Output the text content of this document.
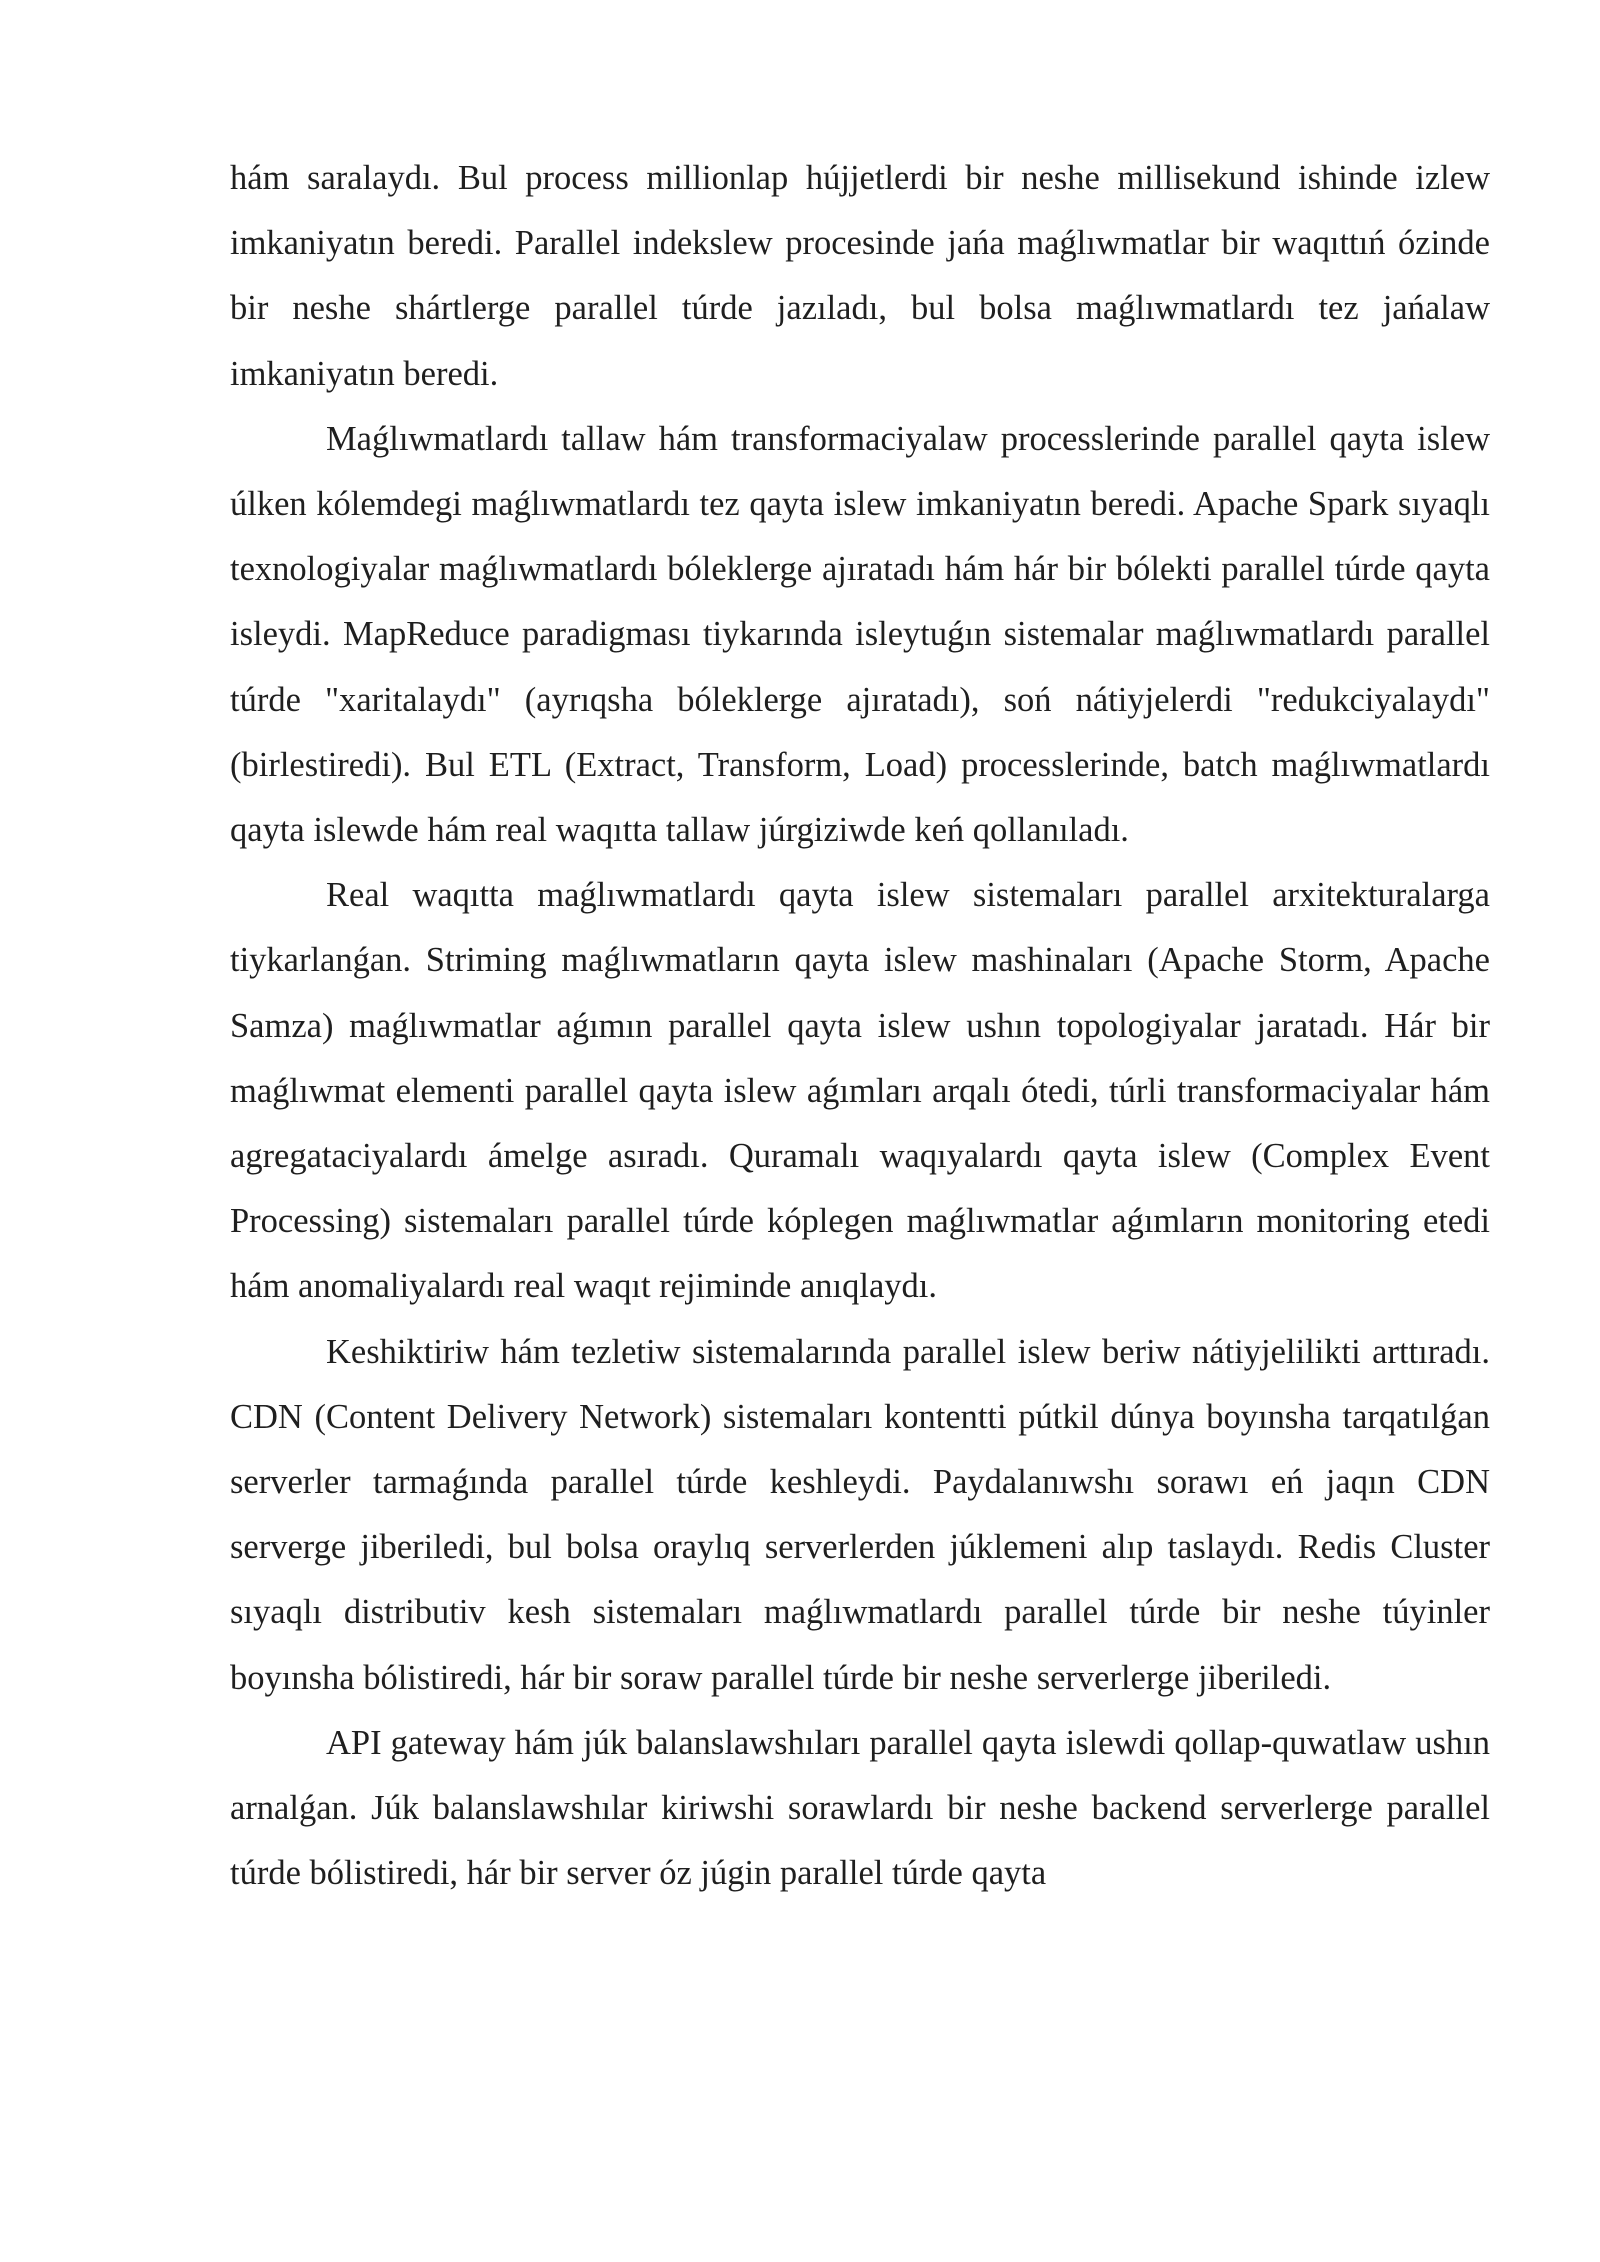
hám saralaydı. Bul process millionlap hújjetlerdi bir neshe millisekund ishinde izlew imkaniyatın beredi. Parallel indekslew procesinde jańa maǵlıwmatlar bir waqıttıń ózinde bir neshe shártlerge parallel túrde jazıladı, bul bolsa maǵlıwmatlardı tez jańalaw imkaniyatın beredi.

Maǵlıwmatlardı tallaw hám transformaciyalaw processlerinde parallel qayta islew úlken kólemdegi maǵlıwmatlardı tez qayta islew imkaniyatın beredi. Apache Spark sıyaqlı texnologiyalar maǵlıwmatlardı bóleklerge ajıratadı hám hár bir bólekti parallel túrde qayta isleydi. MapReduce paradigması tiykarında isleytuǵın sistemalar maǵlıwmatlardı parallel túrde "xaritalaydı" (ayrıqsha bóleklerge ajıratadı), soń nátiyjelerdi "redukciyalaydı" (birlestiredi). Bul ETL (Extract, Transform, Load) processlerinde, batch maǵlıwmatlardı qayta islewde hám real waqıtta tallaw júrgiziwde keń qollanıladı.

Real waqıtta maǵlıwmatlardı qayta islew sistemaları parallel arxitekturalarga tiykarlanǵan. Striming maǵlıwmatların qayta islew mashinaları (Apache Storm, Apache Samza) maǵlıwmatlar aǵımın parallel qayta islew ushın topologiyalar jaratadı. Hár bir maǵlıwmat elementi parallel qayta islew aǵımları arqalı ótedi, túrli transformaciyalar hám agregataciyalardı ámelge asıradı. Quramalı waqıyalardı qayta islew (Complex Event Processing) sistemaları parallel túrde kóplegen maǵlıwmatlar aǵımların monitoring etedi hám anomaliyalardı real waqıt rejiminde anıqlaydı.

Keshiktiriw hám tezletiw sistemalarında parallel islew beriw nátiyjelilikti arttıradı. CDN (Content Delivery Network) sistemaları kontentti pútkil dúnya boyınsha tarqatılǵan serverler tarmaǵında parallel túrde keshleydi. Paydalanıwshı sorawı eń jaqın CDN serverge jiberiledi, bul bolsa oraylıq serverlerden júklemeni alıp taslaydı. Redis Cluster sıyaqlı distributiv kesh sistemaları maǵlıwmatlardı parallel túrde bir neshe túyinler boyınsha bólistiredi, hár bir soraw parallel túrde bir neshe serverlerge jiberiledi.

API gateway hám júk balanslawshıları parallel qayta islewdi qollap-quwatlaw ushın arnalǵan. Júk balanslawshılar kiriwshi sorawlardı bir neshe backend serverlerge parallel túrde bólistiredi, hár bir server óz júgin parallel túrde qayta
